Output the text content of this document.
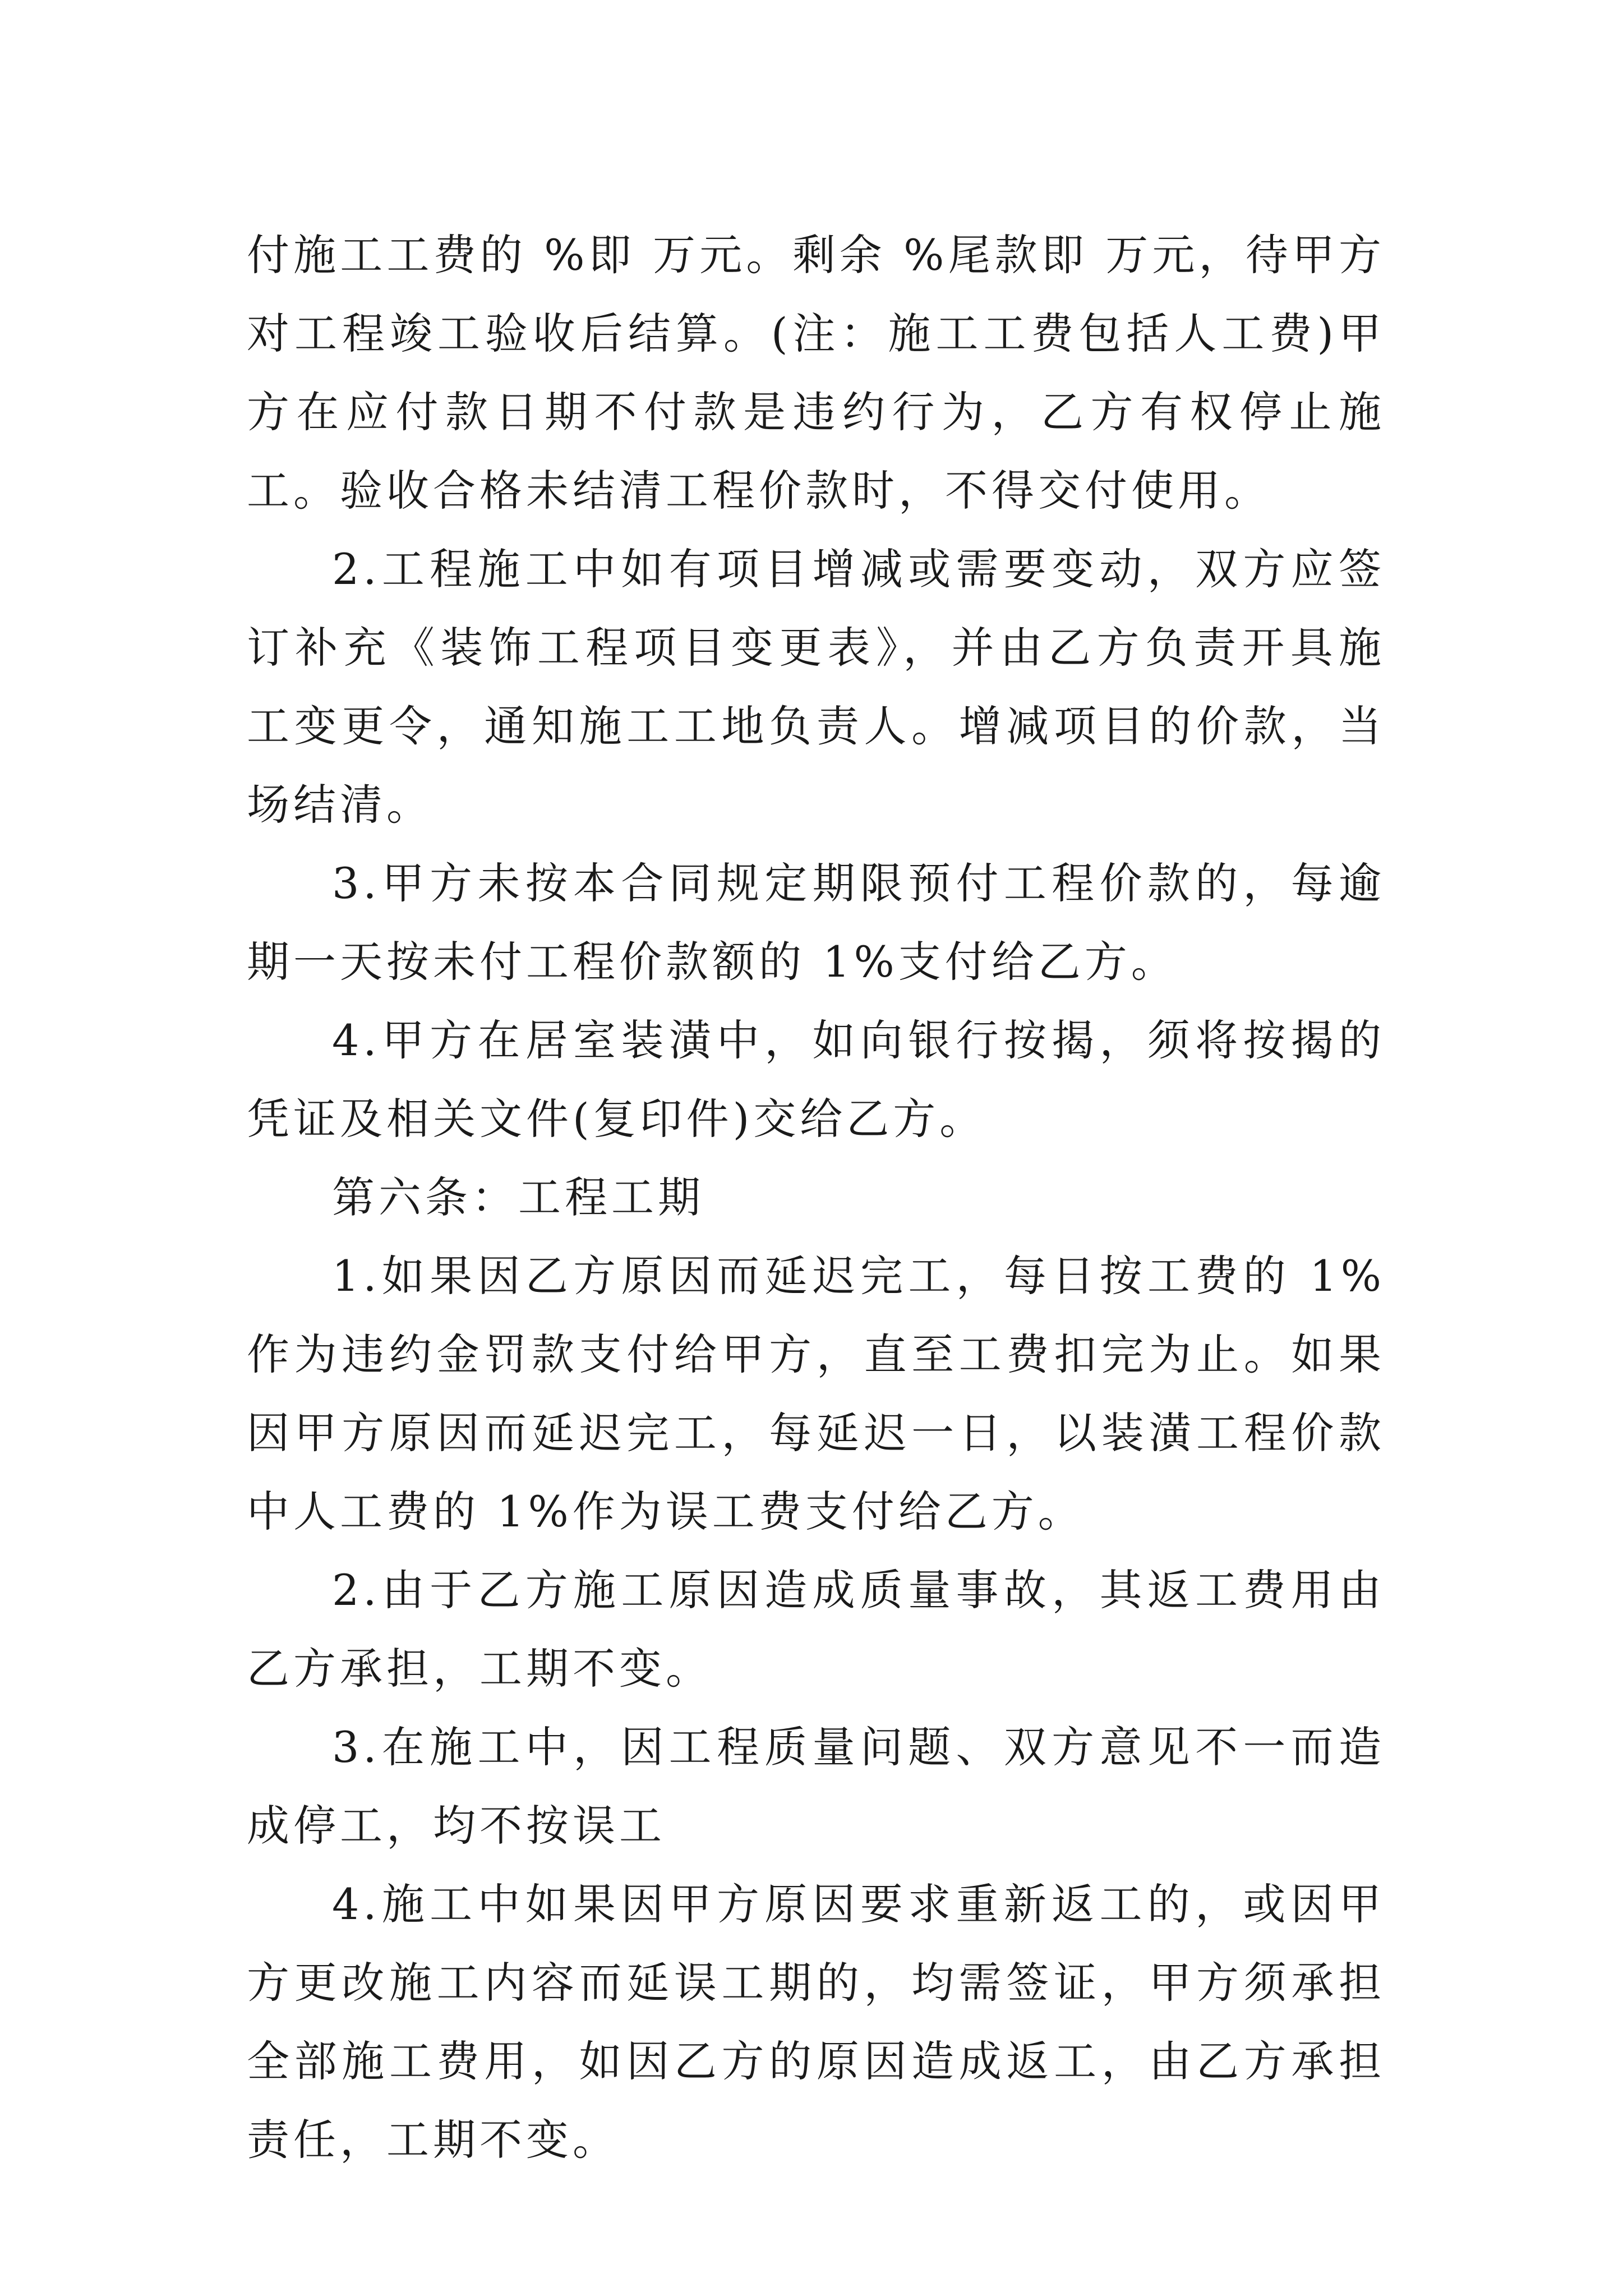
付施工工费的 %即 万元。剩余 %尾款即 万元，待甲方对工程竣工验收后结算。(注：施工工费包括人工费)甲方在应付款日期不付款是违约行为，乙方有权停止施工。验收合格未结清工程价款时，不得交付使用。

2.工程施工中如有项目增减或需要变动，双方应签订补充《装饰工程项目变更表》，并由乙方负责开具施工变更令，通知施工工地负责人。增减项目的价款，当场结清。

3.甲方未按本合同规定期限预付工程价款的，每逾期一天按未付工程价款额的 1%支付给乙方。

4.甲方在居室装潢中，如向银行按揭，须将按揭的凭证及相关文件(复印件)交给乙方。

第六条：工程工期

1.如果因乙方原因而延迟完工，每日按工费的 1%作为违约金罚款支付给甲方，直至工费扣完为止。如果因甲方原因而延迟完工，每延迟一日，以装潢工程价款中人工费的 1%作为误工费支付给乙方。

2.由于乙方施工原因造成质量事故，其返工费用由乙方承担，工期不变。

3.在施工中，因工程质量问题、双方意见不一而造成停工，均不按误工

4.施工中如果因甲方原因要求重新返工的，或因甲方更改施工内容而延误工期的，均需签证，甲方须承担全部施工费用，如因乙方的原因造成返工，由乙方承担责任，工期不变。
